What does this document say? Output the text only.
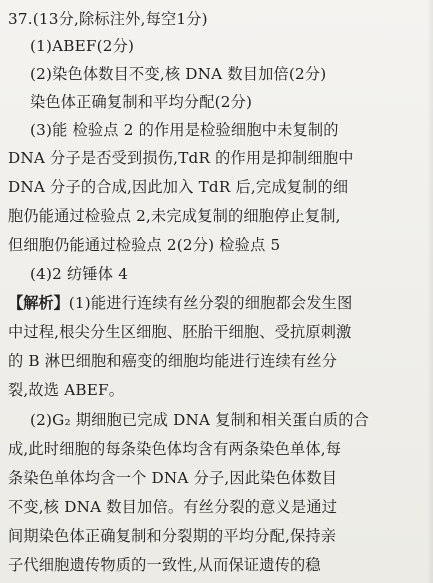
37.(13分,除标注外,每空1分)
(1)ABEF(2分)
(2)染色体数目不变,核 DNA 数目加倍(2分)
染色体正确复制和平均分配(2分)
(3)能 检验点 2 的作用是检验细胞中未复制的
DNA 分子是否受到损伤,TdR 的作用是抑制细胞中
DNA 分子的合成,因此加入 TdR 后,完成复制的细
胞仍能通过检验点 2,未完成复制的细胞停止复制,
但细胞仍能通过检验点 2(2分) 检验点 5
(4)2 纺锤体 4
【解析】(1)能进行连续有丝分裂的细胞都会发生图
中过程,根尖分生区细胞、胚胎干细胞、受抗原刺激
的 B 淋巴细胞和癌变的细胞均能进行连续有丝分
裂,故选 ABEF。
(2)G₂ 期细胞已完成 DNA 复制和相关蛋白质的合
成,此时细胞的每条染色体均含有两条染色单体,每
条染色单体均含一个 DNA 分子,因此染色体数目
不变,核 DNA 数目加倍。有丝分裂的意义是通过
间期染色体正确复制和分裂期的平均分配,保持亲
子代细胞遗传物质的一致性,从而保证遗传的稳
